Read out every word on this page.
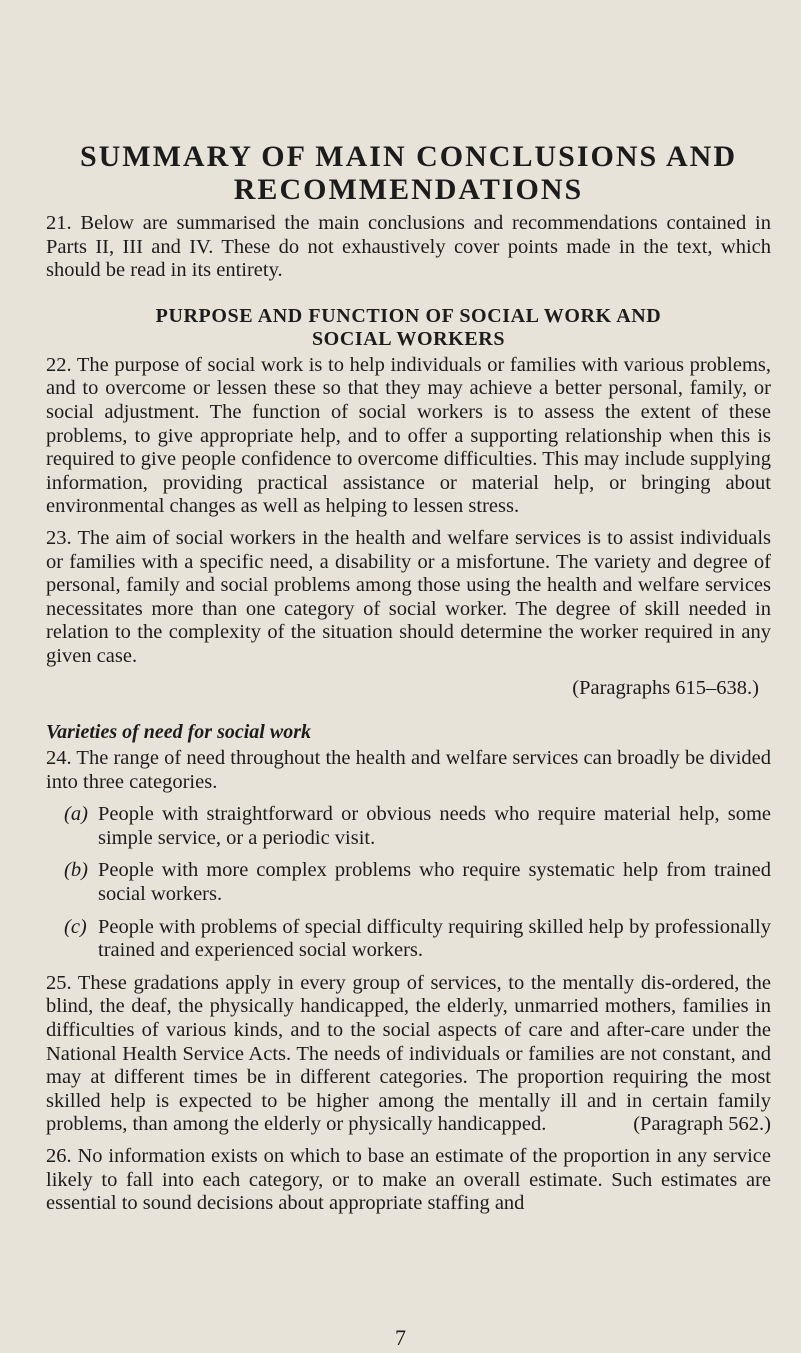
SUMMARY OF MAIN CONCLUSIONS AND
RECOMMENDATIONS

21. Below are summarised the main conclusions and recommendations contained in Parts II, III and IV. These do not exhaustively cover points made in the text, which should be read in its entirety.

PURPOSE AND FUNCTION OF SOCIAL WORK AND
SOCIAL WORKERS

22. The purpose of social work is to help individuals or families with various problems, and to overcome or lessen these so that they may achieve a better personal, family, or social adjustment. The function of social workers is to assess the extent of these problems, to give appropriate help, and to offer a supporting relationship when this is required to give people confidence to overcome difficulties. This may include supplying information, providing practical assistance or material help, or bringing about environmental changes as well as helping to lessen stress.

23. The aim of social workers in the health and welfare services is to assist individuals or families with a specific need, a disability or a misfortune. The variety and degree of personal, family and social problems among those using the health and welfare services necessitates more than one category of social worker. The degree of skill needed in relation to the complexity of the situation should determine the worker required in any given case.

(Paragraphs 615–638.)

Varieties of need for social work

24. The range of need throughout the health and welfare services can broadly be divided into three categories.

(a) People with straightforward or obvious needs who require material help, some simple service, or a periodic visit.
(b) People with more complex problems who require systematic help from trained social workers.
(c) People with problems of special difficulty requiring skilled help by professionally trained and experienced social workers.

25. These gradations apply in every group of services, to the mentally dis-ordered, the blind, the deaf, the physically handicapped, the elderly, unmarried mothers, families in difficulties of various kinds, and to the social aspects of care and after-care under the National Health Service Acts. The needs of individuals or families are not constant, and may at different times be in different categories. The proportion requiring the most skilled help is expected to be higher among the mentally ill and in certain family problems, than among the elderly or physically handicapped.	(Paragraph 562.)

26. No information exists on which to base an estimate of the proportion in any service likely to fall into each category, or to make an overall estimate. Such estimates are essential to sound decisions about appropriate staffing and

7
